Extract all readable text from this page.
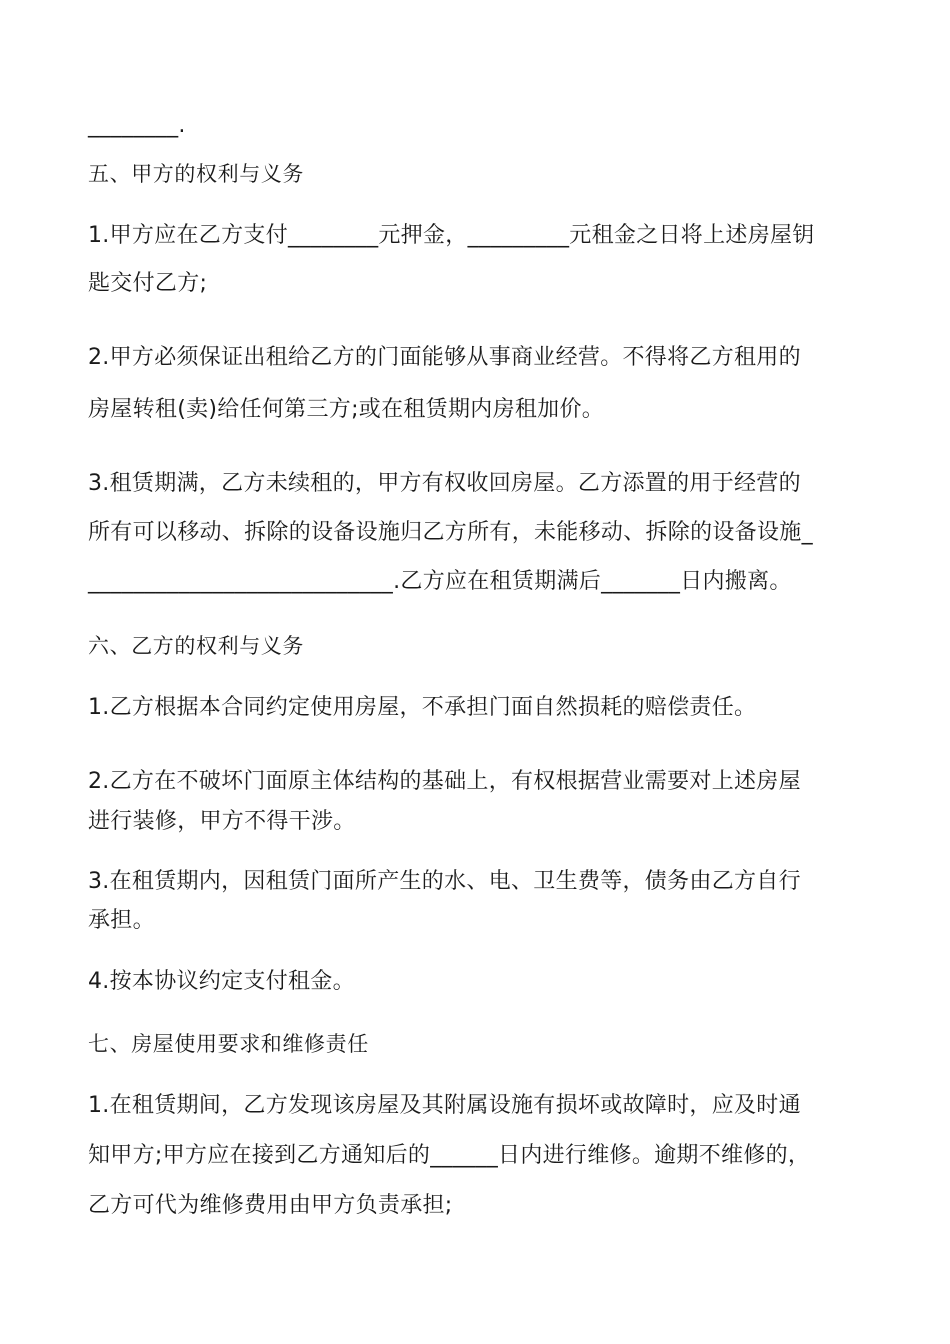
________.
五、甲方的权利与义务
1.甲方应在乙方支付________元押金，_________元租金之日将上述房屋钥
匙交付乙方;
2.甲方必须保证出租给乙方的门面能够从事商业经营。不得将乙方租用的
房屋转租(卖)给任何第三方;或在租赁期内房租加价。
3.租赁期满，乙方未续租的，甲方有权收回房屋。乙方添置的用于经营的
所有可以移动、拆除的设备设施归乙方所有，未能移动、拆除的设备设施_
___________________________.乙方应在租赁期满后_______日内搬离。
六、乙方的权利与义务
1.乙方根据本合同约定使用房屋，不承担门面自然损耗的赔偿责任。
2.乙方在不破坏门面原主体结构的基础上，有权根据营业需要对上述房屋
进行装修，甲方不得干涉。
3.在租赁期内，因租赁门面所产生的水、电、卫生费等，债务由乙方自行
承担。
4.按本协议约定支付租金。
七、房屋使用要求和维修责任
1.在租赁期间，乙方发现该房屋及其附属设施有损坏或故障时，应及时通
知甲方;甲方应在接到乙方通知后的______日内进行维修。逾期不维修的，
乙方可代为维修费用由甲方负责承担;
